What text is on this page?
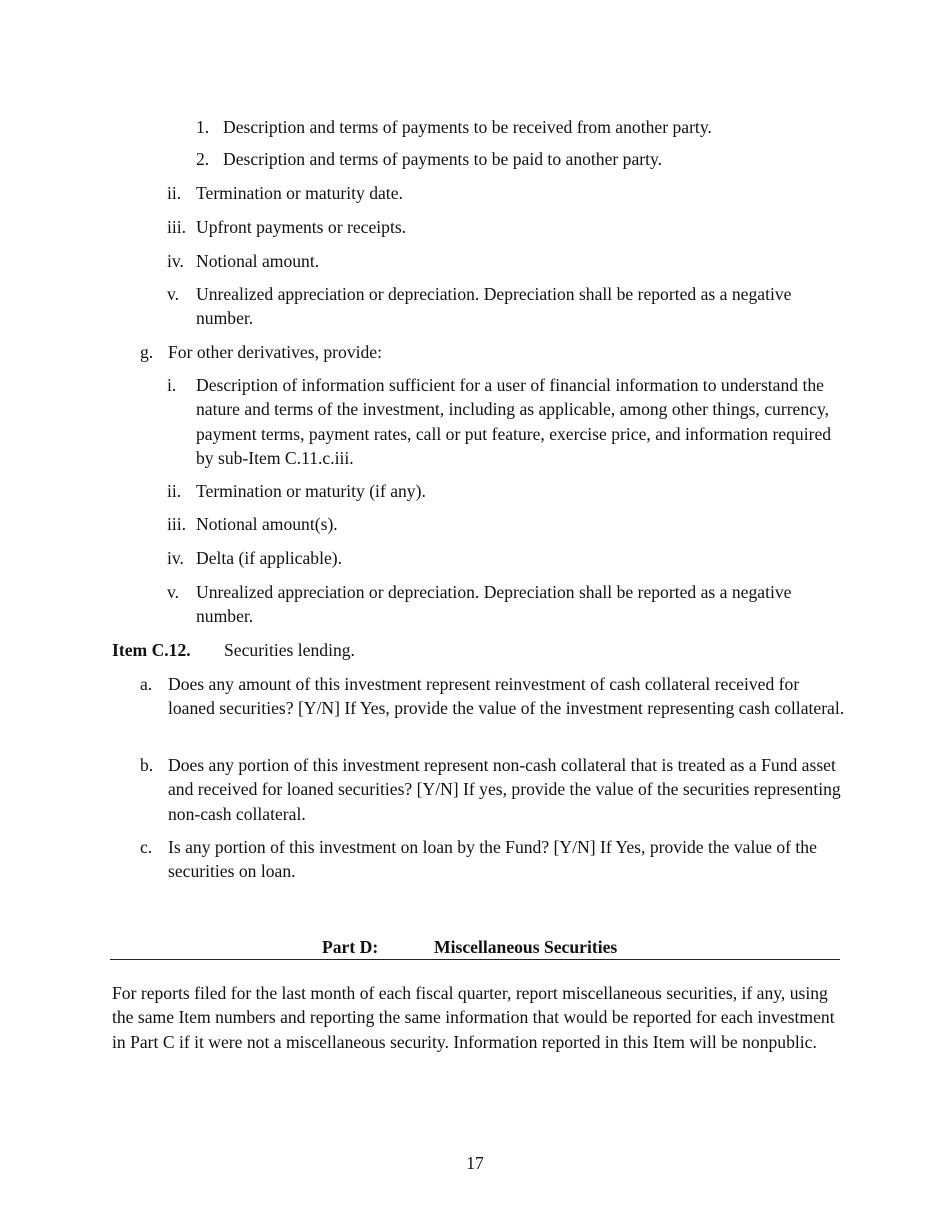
1. Description and terms of payments to be received from another party.
2. Description and terms of payments to be paid to another party.
ii. Termination or maturity date.
iii. Upfront payments or receipts.
iv. Notional amount.
v. Unrealized appreciation or depreciation. Depreciation shall be reported as a negative number.
g. For other derivatives, provide:
i.	Description of information sufficient for a user of financial information to understand the nature and terms of the investment, including as applicable, among other things, currency, payment terms, payment rates, call or put feature, exercise price, and information required by sub-Item C.11.c.iii.
ii. Termination or maturity (if any).
iii. Notional amount(s).
iv. Delta (if applicable).
v. Unrealized appreciation or depreciation. Depreciation shall be reported as a negative number.
Item C.12.	Securities lending.
a. Does any amount of this investment represent reinvestment of cash collateral received for loaned securities? [Y/N] If Yes, provide the value of the investment representing cash collateral.
b. Does any portion of this investment represent non-cash collateral that is treated as a Fund asset and received for loaned securities? [Y/N] If yes, provide the value of the securities representing non-cash collateral.
c. Is any portion of this investment on loan by the Fund? [Y/N] If Yes, provide the value of the securities on loan.
Part D:	Miscellaneous Securities
For reports filed for the last month of each fiscal quarter, report miscellaneous securities, if any, using the same Item numbers and reporting the same information that would be reported for each investment in Part C if it were not a miscellaneous security. Information reported in this Item will be nonpublic.
17
